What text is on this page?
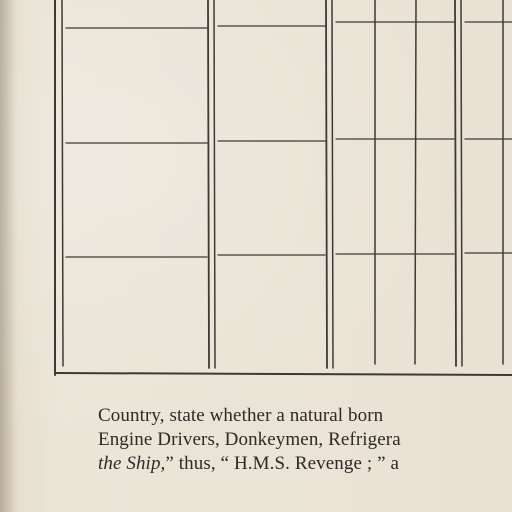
Country, state whether a natural born
Engine Drivers, Donkeymen, Refrigera
the Ship,” thus, “ H.M.S. Revenge ; ” a
